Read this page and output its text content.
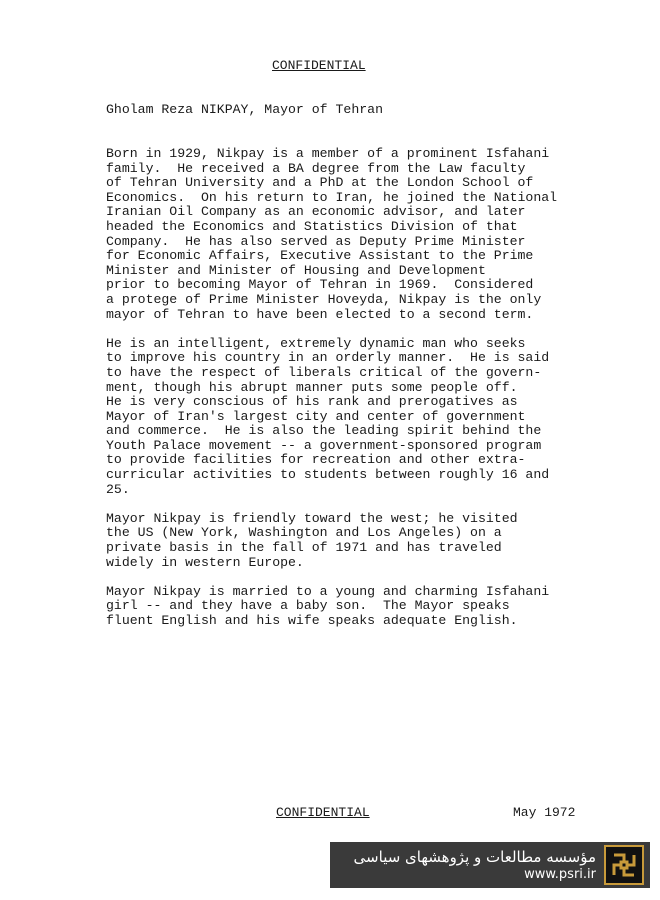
CONFIDENTIAL
Gholam Reza NIKPAY, Mayor of Tehran
Born in 1929, Nikpay is a member of a prominent Isfahani
family.  He received a BA degree from the Law faculty
of Tehran University and a PhD at the London School of
Economics.  On his return to Iran, he joined the National
Iranian Oil Company as an economic advisor, and later
headed the Economics and Statistics Division of that
Company.  He has also served as Deputy Prime Minister
for Economic Affairs, Executive Assistant to the Prime
Minister and Minister of Housing and Development
prior to becoming Mayor of Tehran in 1969.  Considered
a protege of Prime Minister Hoveyda, Nikpay is the only
mayor of Tehran to have been elected to a second term.
He is an intelligent, extremely dynamic man who seeks
to improve his country in an orderly manner.  He is said
to have the respect of liberals critical of the govern-
ment, though his abrupt manner puts some people off.
He is very conscious of his rank and prerogatives as
Mayor of Iran's largest city and center of government
and commerce.  He is also the leading spirit behind the
Youth Palace movement -- a government-sponsored program
to provide facilities for recreation and other extra-
curricular activities to students between roughly 16 and
25.
Mayor Nikpay is friendly toward the west; he visited
the US (New York, Washington and Los Angeles) on a
private basis in the fall of 1971 and has traveled
widely in western Europe.
Mayor Nikpay is married to a young and charming Isfahani
girl -- and they have a baby son.  The Mayor speaks
fluent English and his wife speaks adequate English.
CONFIDENTIAL	May 1972
مؤسسه مطالعات و پژوهشهای سیاسی
www.psri.ir
